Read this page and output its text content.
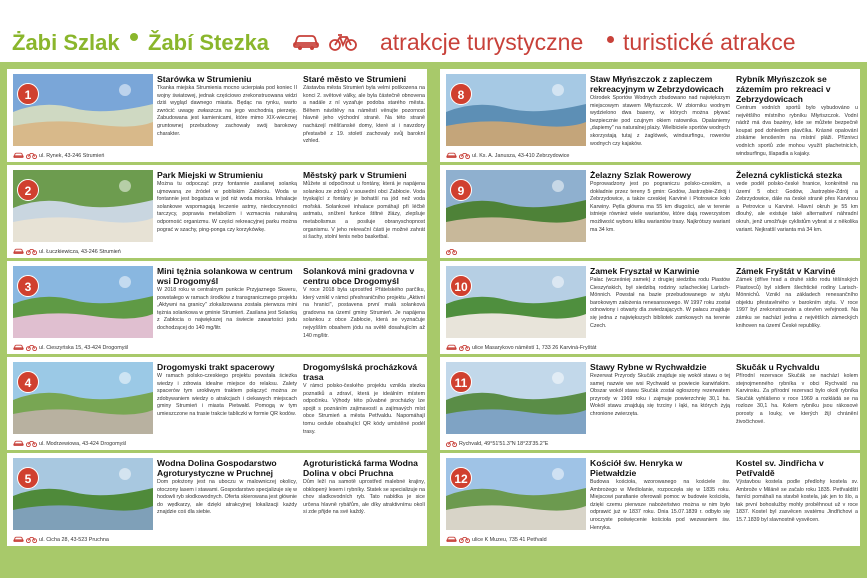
Żabi Szlak Žabí Stezka	atrakcje turystyczne turistické atrakce
1
ul. Rynek, 43-246 Strumień
Starówka w Strumieniu

Tkanka miejska Strumienia mocno ucierpiała pod koniec II wojny światowej, jednak częściowo zrekonstruowana widzi dziś wygląd dawnego miasta. Będąc na rynku, warto zwrócić uwagę zwłaszcza na jego wschodnią pierzeję. Zabudowana jest kamienicami, które mimo XIX-wiecznej gruntownej przebudowy zachowały swój barokowy charakter.

Staré město ve Strumieni

Zástavba města Strumień byla velmi poškozena na konci 2. světové války, ale byla částečně obnovena a nadále z ní vyzařuje podoba starého města. Během návštěvy na náměstí věnujte pozornost hlavně jeho východní straně. Na této straně nacházejí měšťanské domy, které si i navzdory přestavbě z 19. století zachovaly svůj barokní vzhled.

2
ul. Łuczkiewicza, 43-246 Strumień
Park Miejski w Strumieniu

Można tu odpocząć przy fontannie zasilanej solanką ujmowaną ze źródeł w pobliskim Zabłociu. Woda w fontannie jest bogatsza w jod niż woda morska. Inhalacje solankowe wspomagają leczenie astmy, niedoczynności tarczycy, poprawia metabolizm i wzmacnia naturalną odporność organizmu. W części rekreacyjnej parku można pograć w szachy, ping-ponga czy korzykówkę.

Městský park v Strumieni

Můžete si odpočinout u fontány, která je napájena solankou ze zdrojů v sousední obci Zabłocie. Voda tryskající z fontány je bohatší na jód než voda mořská. Solankové inhalace pomáhají při léčbě astmatu, snížení funkce štítné žlázy, zlepšuje metabolismus a posiluje obranyschopnost organismu. V jeho rekreační části je možné zahrát si šachy, stolní tenis nebo basketbal.

3
ul. Cieszyńska 15, 43-424 Drogomyśl
Mini tężnia solankowa w centrum wsi Drogomyśl

W 2018 roku w centralnym punkcie Przyjaznego Skweru, powstałego w ramach środków z transgranicznego projektu „Aktywni na granicy" zlokalizowana została pierwsza mini tężnia solankowa w gminie Strumień. Zasilana jest Solanką z Zabłocia o największej na świecie zawartości jodu dochodzącej do 140 mg/litr.

Solanková mini gradovna v centru obce Drogomyśl

V roce 2018 byla uprostřed Přátelského parčíku, který vznikl v rámci přeshraničního projektu „Aktivní na hranici", postavena první malá solanková gradovna na území gminy Strumień. Je napájena solankou z obce Zabłocie, která se vyznačuje nejvyšším obsahem jódu na světě dosahujícím až 140 mg/litr.

4
ul. Modrzewiowa, 43-424 Drogomyśl
Drogomyski trakt spacerowy

W ramach polsko-czeskiego projektu powstała ścieżka wiedzy i zdrowia idealne miejsce do relaksu. Zalety spacerów tym urokliwym traktem połączyć można ze zdobywaniem wiedzy o atrakcjach i ciekawych miejscach gminy Strumień i miasta Pietwałd. Pomogą w tym umieszczone na trasie trakcie tabliczki w formie QR kodów.

Drogomyślská procházková trasa

V rámci polsko-českého projektu vznikla stezka poznatků a zdraví, která je ideálním místem odpočinku. Výhody této půvabné procházky lze spojit s poznáním zajímavostí a zajímavých míst obce Strumień a města Petřvaldu. Napomáhají tomu cedule obsahující QR kódy umístěné podél trasy.

5
ul. Cicha 28, 43-523 Pruchna
Wodna Dolina Gospodarstwo Agroturystyczne w Pruchnej

Dom położony jest na uboczu w malowniczej okolicy, otoczony lasem i stawami. Gospodarstwo specjalizuje się w hodowli ryb słodkowodnych. Oferta skierowana jest głównie do wędkarzy, ale dzięki atrakcyjnej lokalizacji każdy znajdzie coś dla siebie.

Agroturistická farma Wodna Dolina v obci Pruchna

Dům leží na samotě uprostřed malebné krajiny, obklopený lesem i rybníky. Statek se specializuje na chov sladkovodních ryb. Tato nabídka je sice určena hlavně rybářům, ale díky atraktivnímu okolí si zde přijde na své každý.

8
ul. Ks. A. Janusza, 43-410 Zebrzydowice
Staw Młyńszczok z zapleczem rekreacyjnym w Zebrzydowicach

Ośrodek Sportów Wodnych zbudowano nad największym miejscowym stawem Młyńszczok. W zbiorniku wodnym wydzielono dwa baseny, w których można pływać bezpiecznie pod czujnym okiem ratownika. Opalaniemy „dapiemy" na naturalnej plaży. Wielbiciele sportów wodnych skorzystają tutaj z żaglówek, windsurfingu, rowerów wodnych czy kajaków.

Rybník Młyńszczok se zázemím pro rekreaci v Zebrzydowicach

Centrum vodních sportů bylo vybudováno u největšího místního rybníku Młyńszczok. Vodní nádrž má dva bazény, kde se můžete bezpečně koupat pod dohledem plavčíka. Krásné opalování získáme lenošením na místní pláži. Příznivci vodních sportů zde mohou využít plachetnicích, windsurfingu, šlapadla a kajaky.

9
Żelazny Szlak Rowerowy

Poprowadzony jest po pograniczu polsko-czeskim, a dokładnie przez tereny 5 gmin: Godów, Jastrzębie-Zdrój i Zebrzydowice, a także czeskiej Karviné i Piotrowice koło Karwiny. Pętla główna ma 55 km długości, ale w terenie istnieje również wiele wariantów, które dają rowerzystom możliwość wyboru kilku wariantów trasy. Najkrótszy wariant ma 34 km.

Železná cyklistická stezka

vede podél polsko-české hranice, konkrétně na území 5 obcí: Godów, Jastrzębie-Zdrój a Zebrzydowice, dále na české straně přes Karvinou a Petrovice u Karviné. Hlavní okruh je 55 km dlouhý, ale existuje také alternativní náhradní okruh, jenž umožňuje cyklistům vybrat si z několika variant. Nejkratší varianta má 34 km.

10
ulice Masarykovo náměstí 1, 733 26 Karviná-Fryštát
Zamek Fryształ w Karwinie

Pałac (wcześniej zamek) z drugiej siedziba rodu Piastów Cieszyńskich, był siedzibą rodziny szlacheckiej Larisch-Mönnich. Powstał na bazie przebudowanego w stylu barokowym założenia renesansowego. W 1997 roku został odnowiony i otwarty dla zwiedzających. W pałacu znajduje się jedna z największych bibliotek zamkowych na terenie Czech.

Zámek Fryštát v Karviné

Zámek (dříve hrad a druhé sídlo rodu těšínských Piastovců) byl sídlem šlechtické rodiny Larisch-Mönnichů. Vznikl na základech renesančního objektu přestavěného v barokním stylu. V roce 1997 byl zrekonstruován a otevřen veřejnosti. Na zámku se nachází jedna z největších zámeckých knihoven na území České republiky.

11
Rychvald, 49°51'51.3"N 18°23'35.2"E
Stawy Rybne w Rychwałdzie

Rezerwat Przyrody Skučák znajduje się wokół stawu o tej samej nazwie we wsi Rychwałd w powiecie karwińskim. Obszar wokół stawu Skučák został ogłoszony rezerwatem przyrody w 1969 roku i zajmuje powierzchnię 30,1 ha. Wokół stawu znajdują się trzciny i łąki, na których żyją chronione zwierzęta.

Skučák u Rychvaldu

Přírodní rezervace Skučák se nachází kolem stejnojmenného rybníka v obci Rychvald na Karvinsku. Za přírodní rezervaci bylo okolí rybníka Skučák vyhlášeno v roce 1969 a rozkládá se na rozloze 30,1 ha. Kolem rybníku jsou rákosové porosty a louky, ve kterých žijí chránění živočichové.

12
ulice K Muzeu, 735 41 Petřvald
Kościół św. Henryka w Pietwałdzie

Budowa kościoła, wzorowanego na kościele św. Ambrożego w Mediolanie, rozpoczęła się w 1835 roku. Miejscowi parafianie oferowali pomoc w budowie kościoła, dzięki czemu pierwsze nabożeństwo można w nim było odprawić już w 1837 roku. Dnia 15.07.1839 r. odbyło się uroczyste poświęcenie kościoła pod wezwaniem św. Henryka.

Kostel sv. Jindřicha v Petřvaldě

Výstavbou kostela podle předlohy kostela sv. Ambrože v Miláně se začalo roku 1835. Petřvaldští farníci pomáhali na stavbě kostela, jak jen to šlo, a tak první bohoslužby mohly proběhnout už v roce 1837. Kostel byl zasvěcen svatému Jindřichovi a 15.7.1839 byl slavnostně vysvěcen.
